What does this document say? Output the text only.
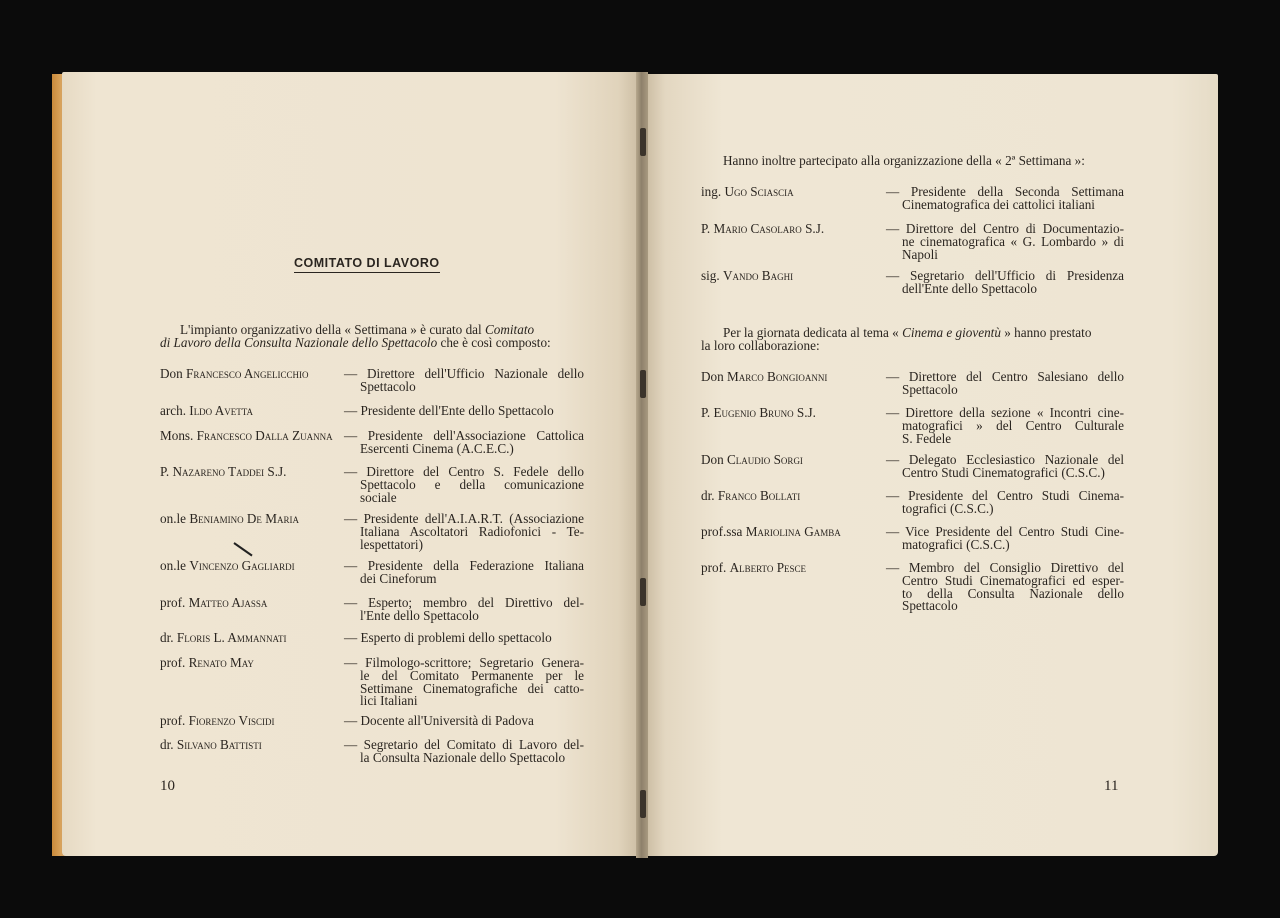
COMITATO DI LAVORO
L'impianto organizzativo della « Settimana » è curato dal Comitato
di Lavoro della Consulta Nazionale dello Spettacolo che è così composto:
Don Francesco Angelicchio	— Direttore dell'Ufficio Nazionale dello
Spettacolo
arch. Ildo Avetta	— Presidente dell'Ente dello Spettacolo
Mons. Francesco Dalla Zuanna — Presidente dell'Associazione Cattolica
Esercenti Cinema (A.C.E.C.)
P. Nazareno Taddei S.J.	— Direttore del Centro S. Fedele dello
Spettacolo e della comunicazione
sociale
on.le Beniamino De Maria	— Presidente dell'A.I.A.R.T. (Associazione
Italiana Ascoltatori Radiofonici - Te-
lespettatori)
on.le Vincenzo Gagliardi	— Presidente della Federazione Italiana
dei Cineforum
prof. Matteo Ajassa	— Esperto; membro del Direttivo del-
l'Ente dello Spettacolo
dr. Floris L. Ammannati	— Esperto di problemi dello spettacolo
prof. Renato May	— Filmologo-scrittore; Segretario Genera-
le del Comitato Permanente per le
Settimane Cinematografiche dei catto-
lici Italiani
prof. Fiorenzo Viscidi	— Docente all'Università di Padova
dr. Silvano Battisti	— Segretario del Comitato di Lavoro del-
la Consulta Nazionale dello Spettacolo
10
Hanno inoltre partecipato alla organizzazione della « 2ª Settimana »:
ing. Ugo Sciascia	— Presidente della Seconda Settimana
Cinematografica dei cattolici italiani
P. Mario Casolaro S.J.	— Direttore del Centro di Documentazio-
ne cinematografica « G. Lombardo » di
Napoli
sig. Vando Baghi	— Segretario dell'Ufficio di Presidenza
dell'Ente dello Spettacolo
Per la giornata dedicata al tema « Cinema e gioventù » hanno prestato
la loro collaborazione:
Don Marco Bongioanni	— Direttore del Centro Salesiano dello
Spettacolo
P. Eugenio Bruno S.J.	— Direttore della sezione « Incontri cine-
matografici » del Centro Culturale
S. Fedele
Don Claudio Sorgi	— Delegato Ecclesiastico Nazionale del
Centro Studi Cinematografici (C.S.C.)
dr. Franco Bollati	— Presidente del Centro Studi Cinema-
tografici (C.S.C.)
prof.ssa Mariolina Gamba	— Vice Presidente del Centro Studi Cine-
matografici (C.S.C.)
prof. Alberto Pesce	— Membro del Consiglio Direttivo del
Centro Studi Cinematografici ed esper-
to della Consulta Nazionale dello
Spettacolo
11
